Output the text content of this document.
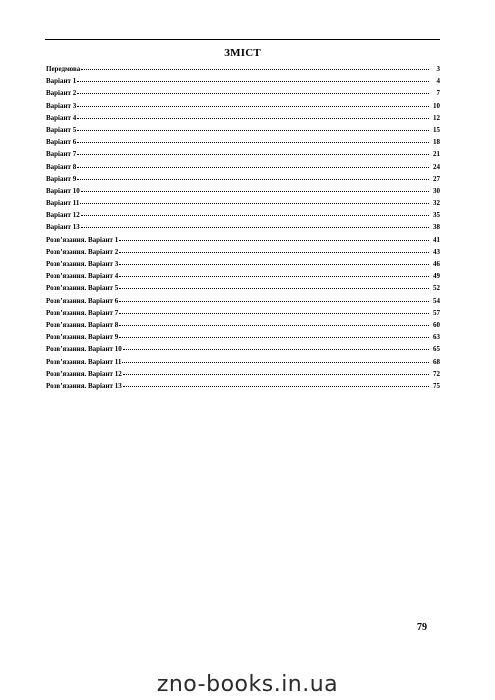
ЗМІСТ
Передмова	3
Варіант 1	4
Варіант 2	7
Варіант 3	10
Варіант 4	12
Варіант 5	15
Варіант 6	18
Варіант 7	21
Варіант 8	24
Варіант 9	27
Варіант 10	30
Варіант 11	32
Варіант 12	35
Варіант 13	38
Розв’язання. Варіант 1	41
Розв’язання. Варіант 2	43
Розв’язання. Варіант 3	46
Розв’язання. Варіант 4	49
Розв’язання. Варіант 5	52
Розв’язання. Варіант 6	54
Розв’язання. Варіант 7	57
Розв’язання. Варіант 8	60
Розв’язання. Варіант 9	63
Розв’язання. Варіант 10	65
Розв’язання. Варіант 11	68
Розв’язання. Варіант 12	72
Розв’язання. Варіант 13	75
79
zno-books.in.ua
